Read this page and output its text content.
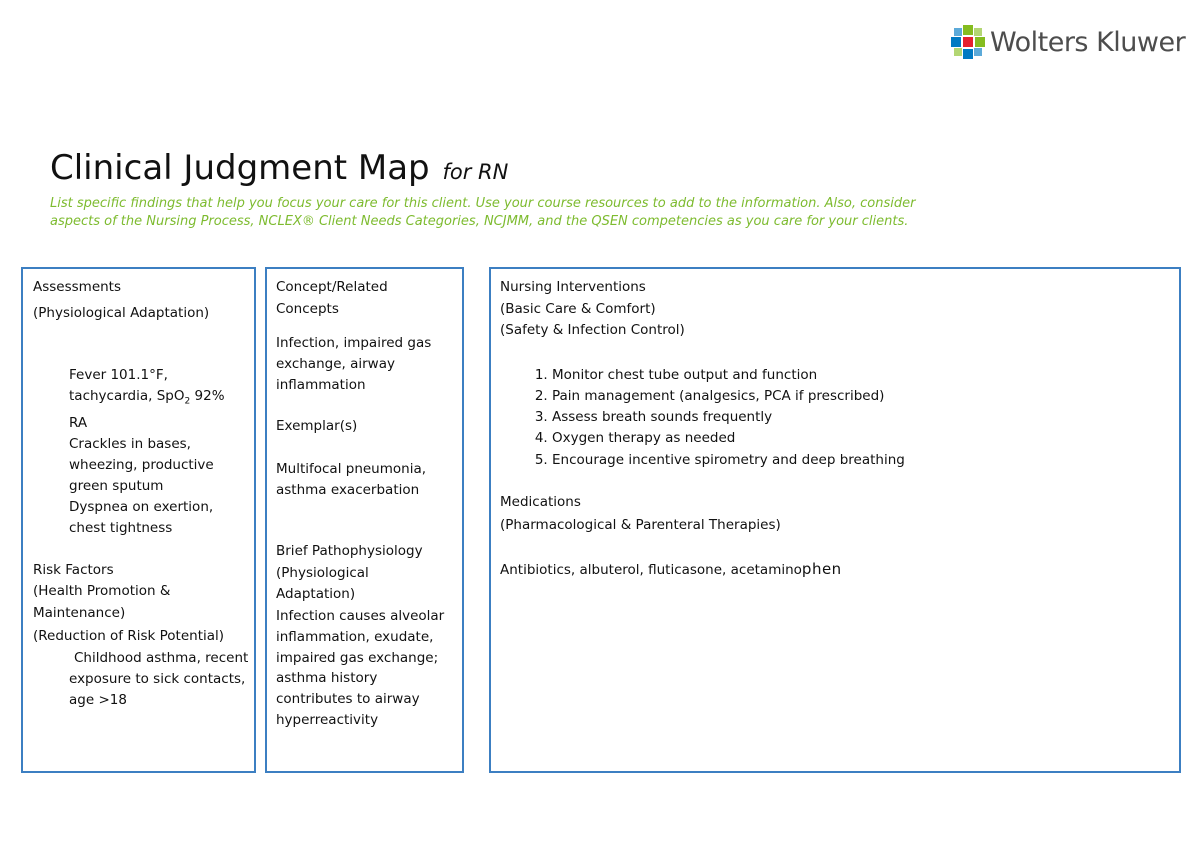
Wolters Kluwer
Clinical Judgment Map for RN

List specific findings that help you focus your care for this client. Use your course resources to add to the information. Also, consider aspects of the Nursing Process, NCLEX® Client Needs Categories, NCJMM, and the QSEN competencies as you care for your clients.

Assessments
(Physiological Adaptation)
Fever 101.1°F, tachycardia, SpO$_2$ 92% RA
Crackles in bases, wheezing, productive green sputum
Dyspnea on exertion, chest tightness
Risk Factors
(Health Promotion & Maintenance)
(Reduction of Risk Potential)
Childhood asthma, recent exposure to sick contacts, age >18
Concept/Related Concepts
Infection, impaired gas exchange, airway inflammation
Exemplar(s)
Multifocal pneumonia, asthma exacerbation
Brief Pathophysiology
(Physiological Adaptation)
Infection causes alveolar inflammation, exudate, impaired gas exchange; asthma history contributes to airway hyperreactivity
Nursing Interventions
(Basic Care & Comfort)
(Safety & Infection Control)
1. Monitor chest tube output and function
2. Pain management (analgesics, PCA if prescribed)
3. Assess breath sounds frequently
4. Oxygen therapy as needed
5. Encourage incentive spirometry and deep breathing
Medications
(Pharmacological & Parenteral Therapies)
Antibiotics, albuterol, fluticasone, acetaminophen
